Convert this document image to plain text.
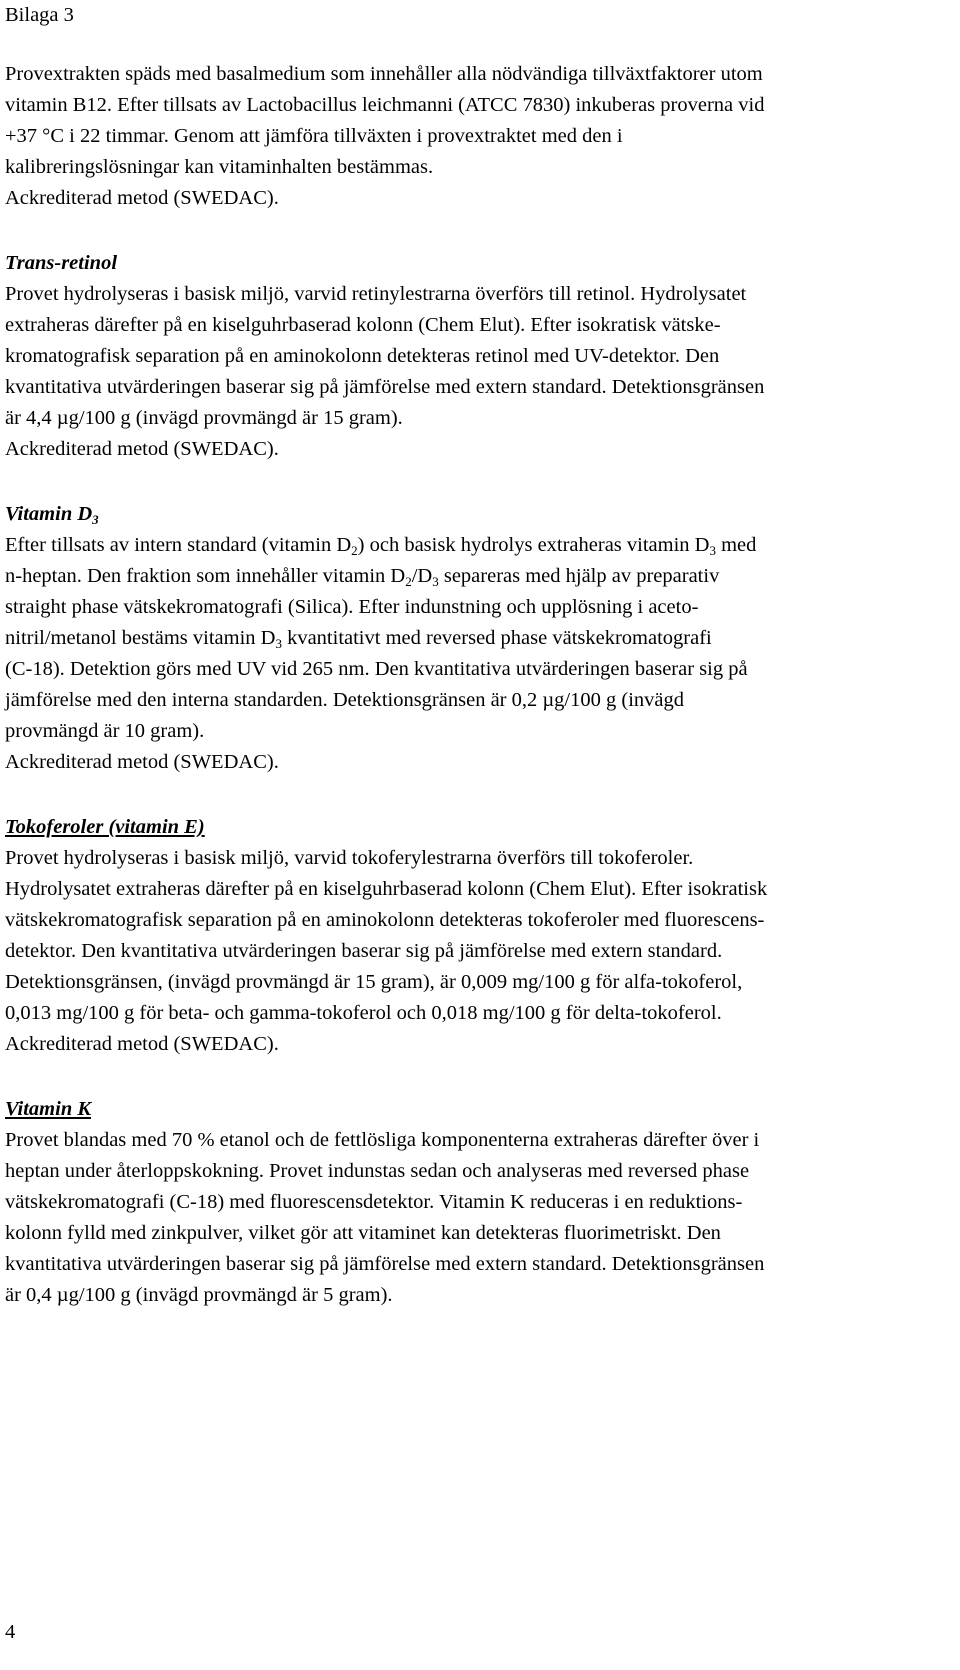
Bilaga 3
Provextrakten späds med basalmedium som innehåller alla nödvändiga tillväxtfaktorer utom
vitamin B12. Efter tillsats av Lactobacillus leichmanni (ATCC 7830) inkuberas proverna vid
+37 °C i 22 timmar. Genom att jämföra tillväxten i provextraktet med den i
kalibreringslösningar kan vitaminhalten bestämmas.
Ackrediterad metod (SWEDAC).
Trans-retinol
Provet hydrolyseras i basisk miljö, varvid retinylestrarna överförs till retinol. Hydrolysatet
extraheras därefter på en kiselguhrbaserad kolonn (Chem Elut). Efter isokratisk vätske-
kromatografisk separation på en aminokolonn detekteras retinol med UV-detektor. Den
kvantitativa utvärderingen baserar sig på jämförelse med extern standard. Detektionsgränsen
är 4,4 µg/100 g (invägd provmängd är 15 gram).
Ackrediterad metod (SWEDAC).
Vitamin $D_3$
Efter tillsats av intern standard (vitamin $D_2$) och basisk hydrolys extraheras vitamin $D_3$ med
n-heptan. Den fraktion som innehåller vitamin $D_2/D_3$ separeras med hjälp av preparativ
straight phase vätskekromatografi (Silica). Efter indunstning och upplösning i aceto-
nitril/metanol bestäms vitamin $D_3$ kvantitativt med reversed phase vätskekromatografi
(C-18). Detektion görs med UV vid 265 nm. Den kvantitativa utvärderingen baserar sig på
jämförelse med den interna standarden. Detektionsgränsen är 0,2 µg/100 g (invägd
provmängd är 10 gram).
Ackrediterad metod (SWEDAC).
Tokoferoler (vitamin E)
Provet hydrolyseras i basisk miljö, varvid tokoferylestrarna överförs till tokoferoler.
Hydrolysatet extraheras därefter på en kiselguhrbaserad kolonn (Chem Elut). Efter isokratisk
vätskekromatografisk separation på en aminokolonn detekteras tokoferoler med fluorescens-
detektor. Den kvantitativa utvärderingen baserar sig på jämförelse med extern standard.
Detektionsgränsen, (invägd provmängd är 15 gram), är 0,009 mg/100 g för alfa-tokoferol,
0,013 mg/100 g för beta- och gamma-tokoferol och 0,018 mg/100 g för delta-tokoferol.
Ackrediterad metod (SWEDAC).
Vitamin K
Provet blandas med 70 % etanol och de fettlösliga komponenterna extraheras därefter över i
heptan under återloppskokning. Provet indunstas sedan och analyseras med reversed phase
vätskekromatografi (C-18) med fluorescensdetektor. Vitamin K reduceras i en reduktions-
kolonn fylld med zinkpulver, vilket gör att vitaminet kan detekteras fluorimetriskt. Den
kvantitativa utvärderingen baserar sig på jämförelse med extern standard. Detektionsgränsen
är 0,4 µg/100 g (invägd provmängd är 5 gram).
4
